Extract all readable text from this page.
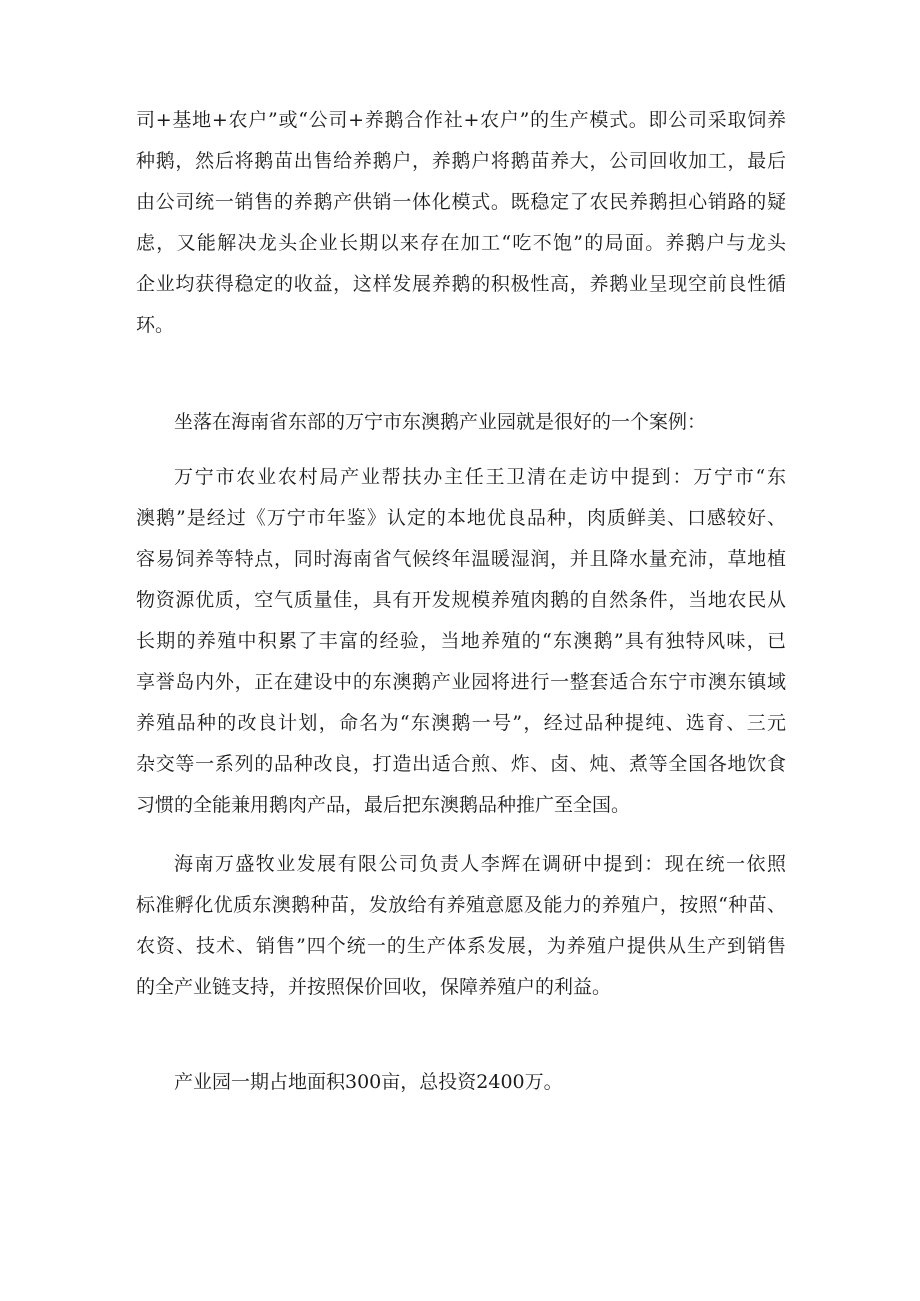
司+基地+农户”或“公司+养鹅合作社+农户”的生产模式。即公司采取饲养
种鹅，然后将鹅苗出售给养鹅户，养鹅户将鹅苗养大，公司回收加工，最后
由公司统一销售的养鹅产供销一体化模式。既稳定了农民养鹅担心销路的疑
虑，又能解决龙头企业长期以来存在加工“吃不饱”的局面。养鹅户与龙头
企业均获得稳定的收益，这样发展养鹅的积极性高，养鹅业呈现空前良性循
环。
坐落在海南省东部的万宁市东澳鹅产业园就是很好的一个案例：
万宁市农业农村局产业帮扶办主任王卫清在走访中提到：万宁市“东
澳鹅”是经过《万宁市年鉴》认定的本地优良品种，肉质鲜美、口感较好、
容易饲养等特点，同时海南省气候终年温暖湿润，并且降水量充沛，草地植
物资源优质，空气质量佳，具有开发规模养殖肉鹅的自然条件，当地农民从
长期的养殖中积累了丰富的经验，当地养殖的“东澳鹅”具有独特风味，已
享誉岛内外，正在建设中的东澳鹅产业园将进行一整套适合东宁市澳东镇域
养殖品种的改良计划，命名为“东澳鹅一号”，经过品种提纯、选育、三元
杂交等一系列的品种改良，打造出适合煎、炸、卤、炖、煮等全国各地饮食
习惯的全能兼用鹅肉产品，最后把东澳鹅品种推广至全国。
海南万盛牧业发展有限公司负责人李辉在调研中提到：现在统一依照
标准孵化优质东澳鹅种苗，发放给有养殖意愿及能力的养殖户，按照“种苗、
农资、技术、销售”四个统一的生产体系发展，为养殖户提供从生产到销售
的全产业链支持，并按照保价回收，保障养殖户的利益。
产业园一期占地面积300亩，总投资2400万。
